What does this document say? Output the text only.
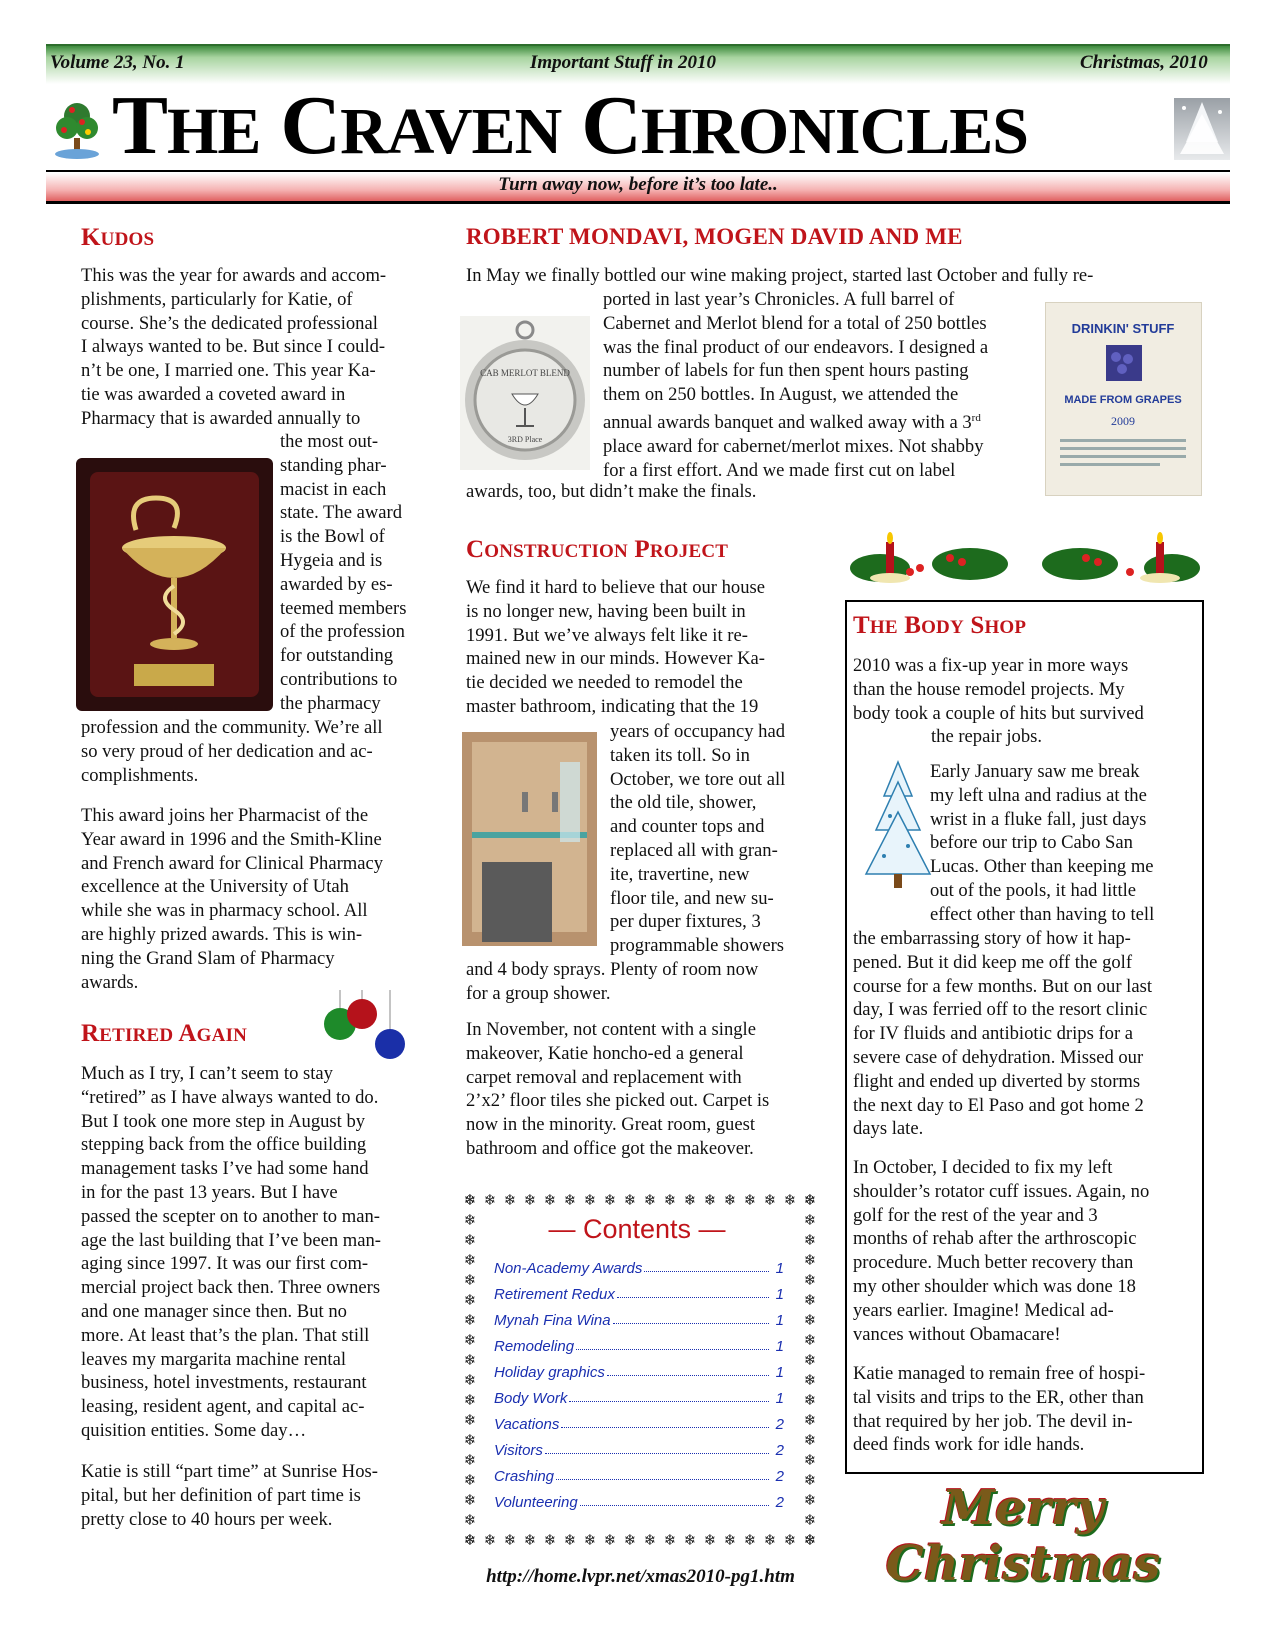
Volume 23, No. 1	Important Stuff in 2010	Christmas, 2010
THE CRAVEN CHRONICLES
Turn away now, before it’s too late..
KUDOS
This was the year for awards and accom-
plishments, particularly for Katie, of
course. She’s the dedicated professional
I always wanted to be. But since I could-
n’t be one, I married one. This year Ka-
tie was awarded a coveted award in
Pharmacy that is awarded annually to
the most out-
standing phar-
macist in each
state. The award
is the Bowl of
Hygeia and is
awarded by es-
teemed members
of the profession
for outstanding
contributions to
the pharmacy
profession and the community. We’re all
so very proud of her dedication and ac-
complishments.
This award joins her Pharmacist of the
Year award in 1996 and the Smith-Kline
and French award for Clinical Pharmacy
excellence at the University of Utah
while she was in pharmacy school. All
are highly prized awards. This is win-
ning the Grand Slam of Pharmacy
awards.
RETIRED AGAIN
Much as I try, I can’t seem to stay
“retired” as I have always wanted to do.
But I took one more step in August by
stepping back from the office building
management tasks I’ve had some hand
in for the past 13 years. But I have
passed the scepter on to another to man-
age the last building that I’ve been man-
aging since 1997. It was our first com-
mercial project back then. Three owners
and one manager since then. But no
more. At least that’s the plan. That still
leaves my margarita machine rental
business, hotel investments, restaurant
leasing, resident agent, and capital ac-
quisition entities. Some day…
Katie is still “part time” at Sunrise Hos-
pital, but her definition of part time is
pretty close to 40 hours per week.
ROBERT MONDAVI, MOGEN DAVID AND ME
In May we finally bottled our wine making project, started last October and fully re-
CAB MERLOT BLEND
3RD Place
ported in last year’s Chronicles. A full barrel of
Cabernet and Merlot blend for a total of 250 bottles
was the final product of our endeavors. I designed a
number of labels for fun then spent hours pasting
them on 250 bottles. In August, we attended the
annual awards banquet and walked away with a 3rd
place award for cabernet/merlot mixes. Not shabby
for a first effort. And we made first cut on label
awards, too, but didn’t make the finals.
DRINKIN' STUFF
MADE FROM GRAPES
2009
CONSTRUCTION PROJECT
We find it hard to believe that our house
is no longer new, having been built in
1991. But we’ve always felt like it re-
mained new in our minds. However Ka-
tie decided we needed to remodel the
master bathroom, indicating that the 19
years of occupancy had
taken its toll. So in
October, we tore out all
the old tile, shower,
and counter tops and
replaced all with gran-
ite, travertine, new
floor tile, and new su-
per duper fixtures, 3
programmable showers
and 4 body sprays. Plenty of room now
for a group shower.
In November, not content with a single
makeover, Katie honcho-ed a general
carpet removal and replacement with
2’x2’ floor tiles she picked out. Carpet is
now in the minority. Great room, guest
bathroom and office got the makeover.
— Contents —
Non-Academy Awards	1
Retirement Redux	1
Mynah Fina Wina	1
Remodeling	1
Holiday graphics	1
Body Work	1
Vacations	2
Visitors	2
Crashing	2
Volunteering	2
http://home.lvpr.net/xmas2010-pg1.htm
THE BODY SHOP
2010 was a fix-up year in more ways
than the house remodel projects. My
body took a couple of hits but survived
the repair jobs.
Early January saw me break
my left ulna and radius at the
wrist in a fluke fall, just days
before our trip to Cabo San
Lucas. Other than keeping me
out of the pools, it had little
effect other than having to tell
the embarrassing story of how it hap-
pened. But it did keep me off the golf
course for a few months. But on our last
day, I was ferried off to the resort clinic
for IV fluids and antibiotic drips for a
severe case of dehydration. Missed our
flight and ended up diverted by storms
the next day to El Paso and got home 2
days late.
In October, I decided to fix my left
shoulder’s rotator cuff issues. Again, no
golf for the rest of the year and 3
months of rehab after the arthroscopic
procedure. Much better recovery than
my other shoulder which was done 18
years earlier. Imagine! Medical ad-
vances without Obamacare!
Katie managed to remain free of hospi-
tal visits and trips to the ER, other than
that required by her job. The devil in-
deed finds work for idle hands.
Merry Christmas
